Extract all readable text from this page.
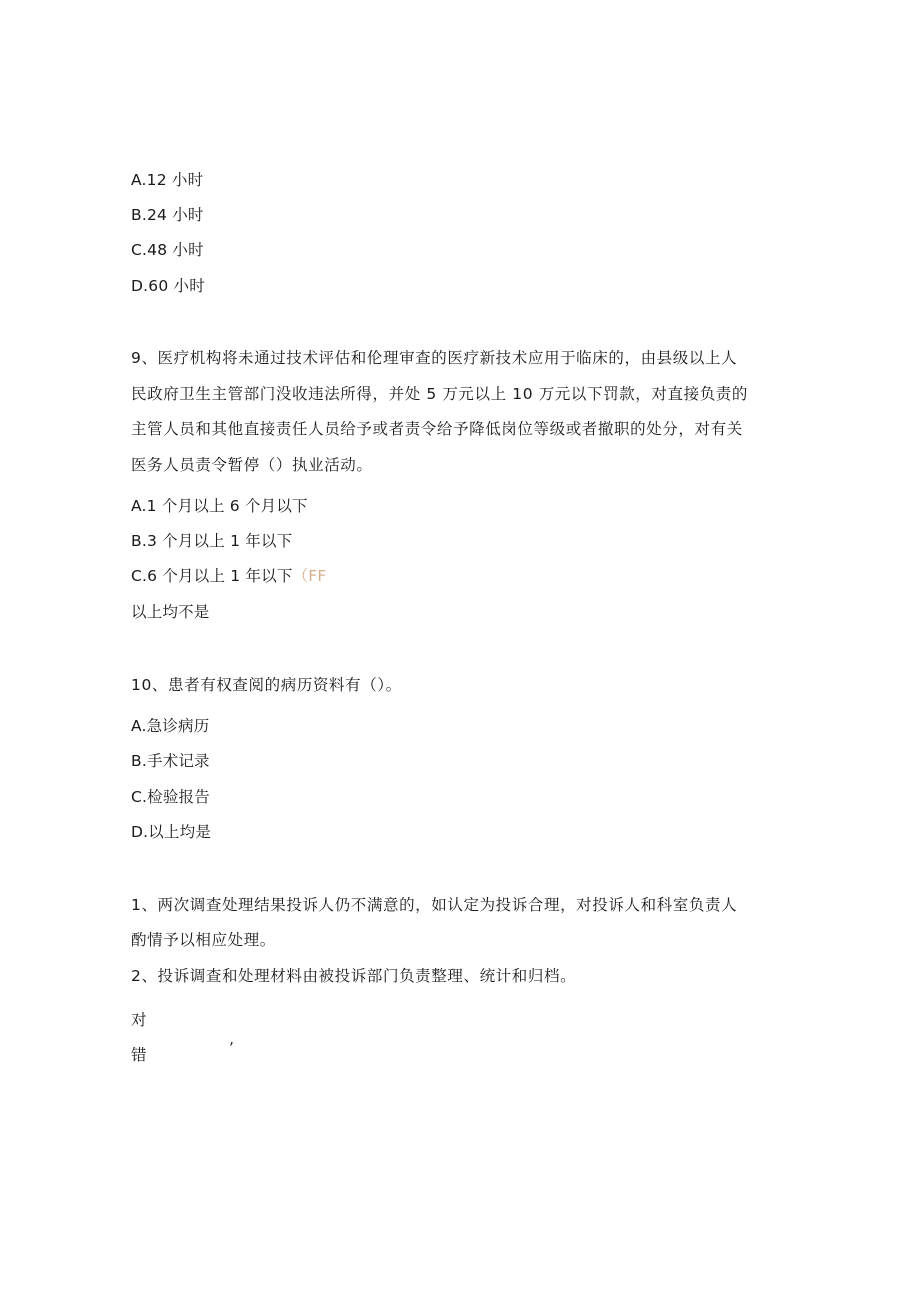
A.12 小时
B.24 小时
C.48 小时
D.60 小时
9、医疗机构将未通过技术评估和伦理审查的医疗新技术应用于临床的，由县级以上人
民政府卫生主管部门没收违法所得，并处 5 万元以上 10 万元以下罚款，对直接负责的
主管人员和其他直接责任人员给予或者责令给予降低岗位等级或者撤职的处分，对有关
医务人员责令暂停（）执业活动。
A.1 个月以上 6 个月以下
B.3 个月以上 1 年以下
C.6 个月以上 1 年以下（FF
以上均不是
10、患者有权查阅的病历资料有（）。
A.急诊病历
B.手术记录
C.检验报告
D.以上均是
1、两次调查处理结果投诉人仍不满意的，如认定为投诉合理，对投诉人和科室负责人
酌情予以相应处理。
2、投诉调查和处理材料由被投诉部门负责整理、统计和归档。
对
错	’
